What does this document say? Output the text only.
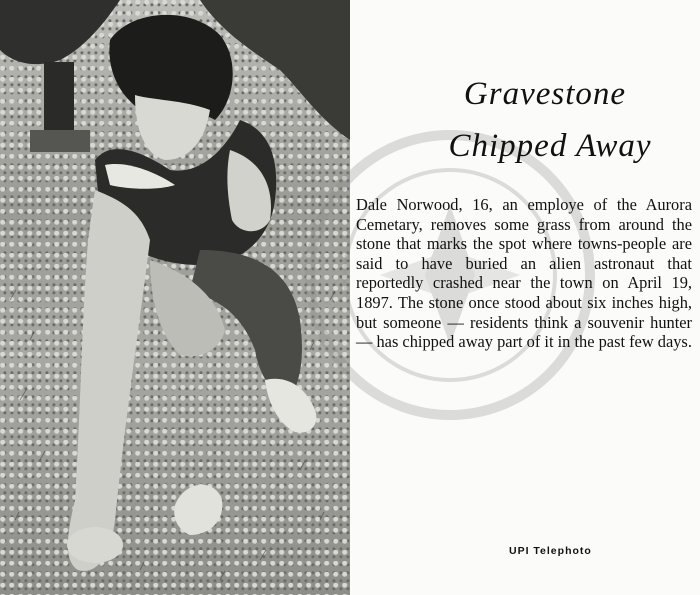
Gravestone
Chipped Away
Dale Norwood, 16, an employe of the Aurora Cemetary, removes some grass from around the stone that marks the spot where towns-people are said to have buried an alien astronaut that reportedly crashed near the town on April 19, 1897. The stone once stood about six inches high, but someone — residents think a souvenir hunter — has chipped away part of it in the past few days.
UPI Telephoto
